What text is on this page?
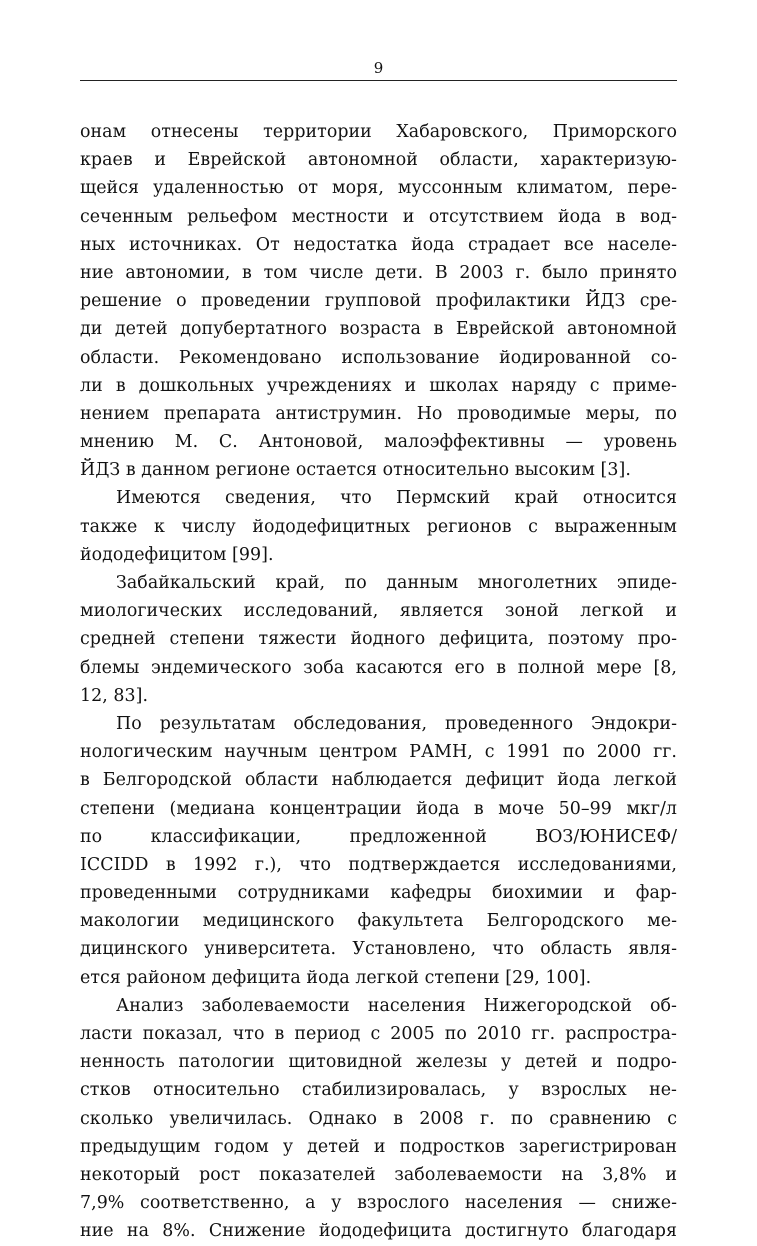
9
онам отнесены территории Хабаровского, Приморского
краев и Еврейской автономной области, характеризую-
щейся удаленностью от моря, муссонным климатом, пере-
сеченным рельефом местности и отсутствием йода в вод-
ных источниках. От недостатка йода страдает все населе-
ние автономии, в том числе дети. В 2003 г. было принято
решение о проведении групповой профилактики ЙДЗ сре-
ди детей допубертатного возраста в Еврейской автономной
области. Рекомендовано использование йодированной со-
ли в дошкольных учреждениях и школах наряду с приме-
нением препарата антиструмин. Но проводимые меры, по
мнению М. С. Антоновой, малоэффективны — уровень
ЙДЗ в данном регионе остается относительно высоким [3].
Имеются сведения, что Пермский край относится
также к числу йододефицитных регионов с выраженным
йододефицитом [99].
Забайкальский край, по данным многолетних эпиде-
миологических исследований, является зоной легкой и
средней степени тяжести йодного дефицита, поэтому про-
блемы эндемического зоба касаются его в полной мере [8,
12, 83].
По результатам обследования, проведенного Эндокри-
нологическим научным центром РАМН, с 1991 по 2000 гг.
в Белгородской области наблюдается дефицит йода легкой
степени (медиана концентрации йода в моче 50–99 мкг/л
по классификации, предложенной ВОЗ/ЮНИСЕФ/
ICCIDD в 1992 г.), что подтверждается исследованиями,
проведенными сотрудниками кафедры биохимии и фар-
макологии медицинского факультета Белгородского ме-
дицинского университета. Установлено, что область явля-
ется районом дефицита йода легкой степени [29, 100].
Анализ заболеваемости населения Нижегородской об-
ласти показал, что в период с 2005 по 2010 гг. распростра-
ненность патологии щитовидной железы у детей и подро-
стков относительно стабилизировалась, у взрослых не-
сколько увеличилась. Однако в 2008 г. по сравнению с
предыдущим годом у детей и подростков зарегистрирован
некоторый рост показателей заболеваемости на 3,8% и
7,9% соответственно, а у взрослого населения — сниже-
ние на 8%. Снижение йододефицита достигнуто благодаря
